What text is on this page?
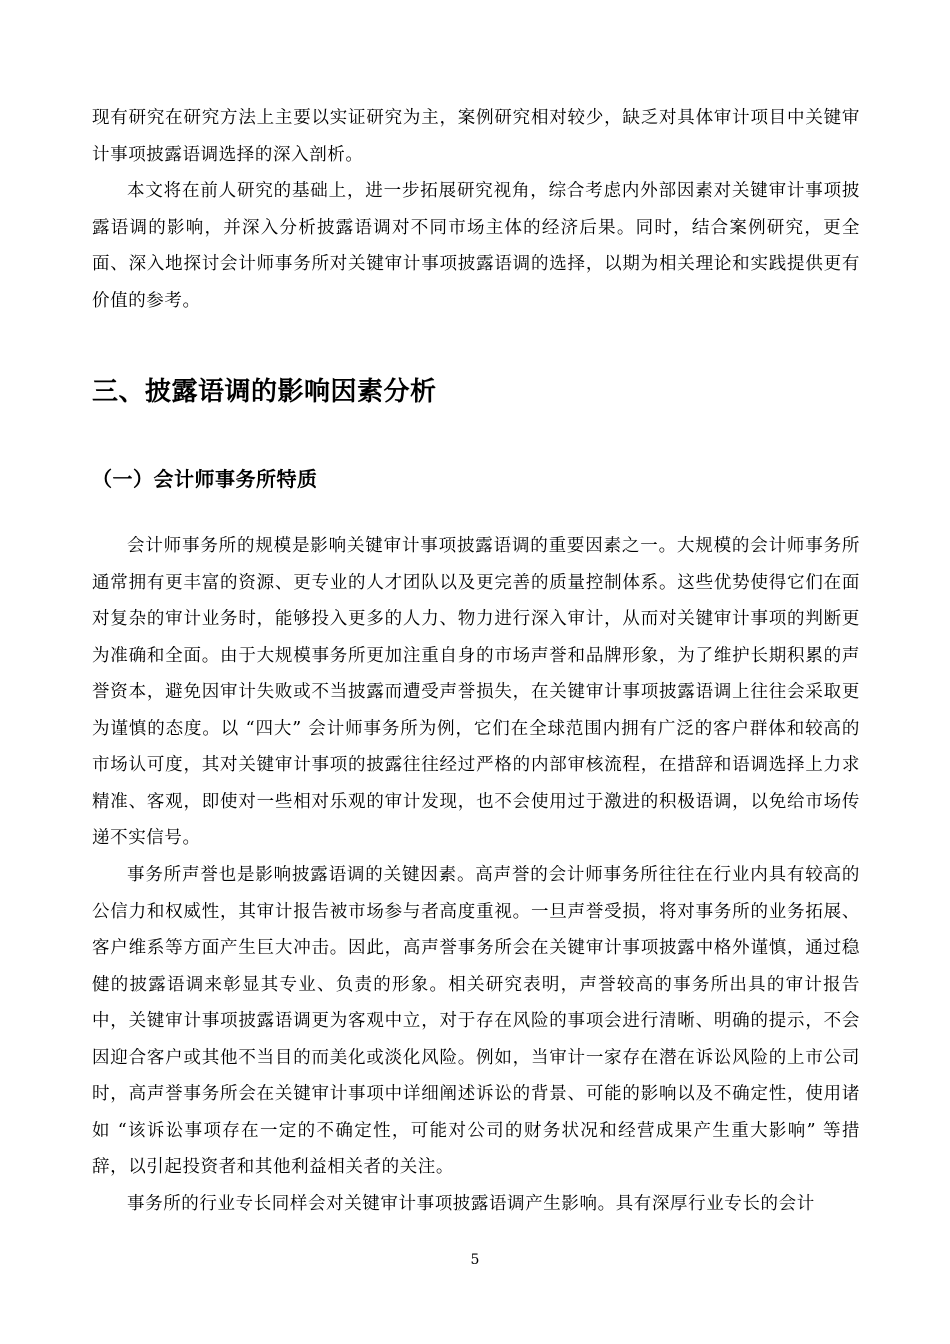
现有研究在研究方法上主要以实证研究为主，案例研究相对较少，缺乏对具体审计项目中关键审计事项披露语调选择的深入剖析。

本文将在前人研究的基础上，进一步拓展研究视角，综合考虑内外部因素对关键审计事项披露语调的影响，并深入分析披露语调对不同市场主体的经济后果。同时，结合案例研究，更全面、深入地探讨会计师事务所对关键审计事项披露语调的选择，以期为相关理论和实践提供更有价值的参考。

三、披露语调的影响因素分析
（一）会计师事务所特质

会计师事务所的规模是影响关键审计事项披露语调的重要因素之一。大规模的会计师事务所通常拥有更丰富的资源、更专业的人才团队以及更完善的质量控制体系。这些优势使得它们在面对复杂的审计业务时，能够投入更多的人力、物力进行深入审计，从而对关键审计事项的判断更为准确和全面。由于大规模事务所更加注重自身的市场声誉和品牌形象，为了维护长期积累的声誉资本，避免因审计失败或不当披露而遭受声誉损失，在关键审计事项披露语调上往往会采取更为谨慎的态度。以 “四大” 会计师事务所为例，它们在全球范围内拥有广泛的客户群体和较高的市场认可度，其对关键审计事项的披露往往经过严格的内部审核流程，在措辞和语调选择上力求精准、客观，即使对一些相对乐观的审计发现，也不会使用过于激进的积极语调，以免给市场传递不实信号。

事务所声誉也是影响披露语调的关键因素。高声誉的会计师事务所往往在行业内具有较高的公信力和权威性，其审计报告被市场参与者高度重视。一旦声誉受损，将对事务所的业务拓展、客户维系等方面产生巨大冲击。因此，高声誉事务所会在关键审计事项披露中格外谨慎，通过稳健的披露语调来彰显其专业、负责的形象。相关研究表明，声誉较高的事务所出具的审计报告中，关键审计事项披露语调更为客观中立，对于存在风险的事项会进行清晰、明确的提示，不会因迎合客户或其他不当目的而美化或淡化风险。例如，当审计一家存在潜在诉讼风险的上市公司时，高声誉事务所会在关键审计事项中详细阐述诉讼的背景、可能的影响以及不确定性，使用诸如 “该诉讼事项存在一定的不确定性，可能对公司的财务状况和经营成果产生重大影响” 等措辞，以引起投资者和其他利益相关者的关注。

事务所的行业专长同样会对关键审计事项披露语调产生影响。具有深厚行业专长的会计

5
